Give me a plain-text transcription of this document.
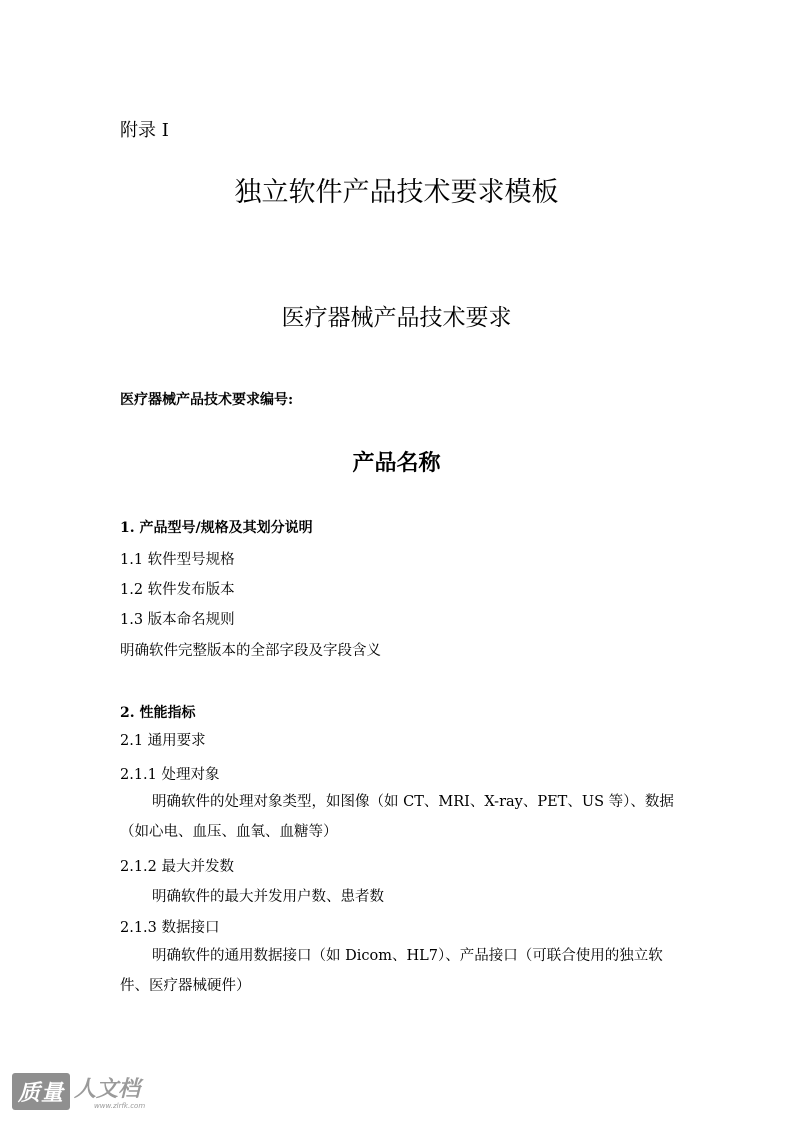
附录 I
独立软件产品技术要求模板
医疗器械产品技术要求
医疗器械产品技术要求编号:
产品名称
1. 产品型号/规格及其划分说明
1.1 软件型号规格
1.2 软件发布版本
1.3 版本命名规则
明确软件完整版本的全部字段及字段含义
2. 性能指标
2.1 通用要求
2.1.1 处理对象
明确软件的处理对象类型，如图像（如 CT、MRI、X-ray、PET、US 等）、数据（如心电、血压、血氧、血糖等）
2.1.2 最大并发数
明确软件的最大并发用户数、患者数
2.1.3 数据接口
明确软件的通用数据接口（如 Dicom、HL7）、产品接口（可联合使用的独立软件、医疗器械硬件）
质量 人文档
www.zlrfk.com
